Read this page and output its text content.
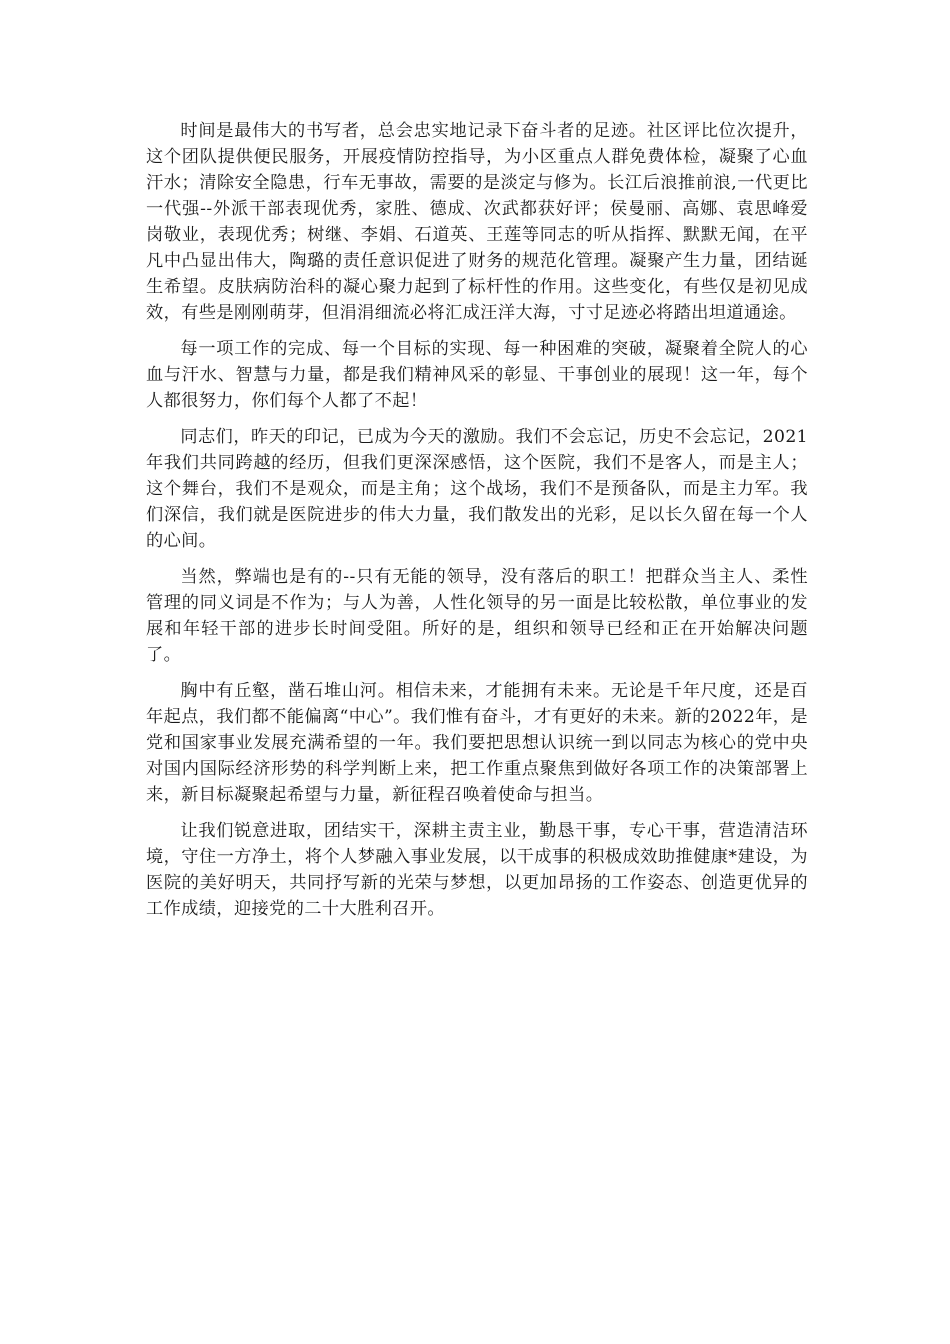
时间是最伟大的书写者，总会忠实地记录下奋斗者的足迹。社区评比位次提升，这个团队提供便民服务，开展疫情防控指导，为小区重点人群免费体检，凝聚了心血汗水；清除安全隐患，行车无事故，需要的是淡定与修为。长江后浪推前浪,一代更比一代强--外派干部表现优秀，家胜、德成、次武都获好评；侯曼丽、高娜、袁思峰爱岗敬业，表现优秀；树继、李娟、石道英、王莲等同志的听从指挥、默默无闻，在平凡中凸显出伟大，陶璐的责任意识促进了财务的规范化管理。凝聚产生力量，团结诞生希望。皮肤病防治科的凝心聚力起到了标杆性的作用。这些变化，有些仅是初见成效，有些是刚刚萌芽，但涓涓细流必将汇成汪洋大海，寸寸足迹必将踏出坦道通途。

每一项工作的完成、每一个目标的实现、每一种困难的突破，凝聚着全院人的心血与汗水、智慧与力量，都是我们精神风采的彰显、干事创业的展现！这一年，每个人都很努力，你们每个人都了不起！

同志们，昨天的印记，已成为今天的激励。我们不会忘记，历史不会忘记，2021年我们共同跨越的经历，但我们更深深感悟，这个医院，我们不是客人，而是主人；这个舞台，我们不是观众，而是主角；这个战场，我们不是预备队，而是主力军。我们深信，我们就是医院进步的伟大力量，我们散发出的光彩，足以长久留在每一个人的心间。

当然，弊端也是有的--只有无能的领导，没有落后的职工！把群众当主人、柔性管理的同义词是不作为；与人为善，人性化领导的另一面是比较松散，单位事业的发展和年轻干部的进步长时间受阻。所好的是，组织和领导已经和正在开始解决问题了。

胸中有丘壑，凿石堆山河。相信未来，才能拥有未来。无论是千年尺度，还是百年起点，我们都不能偏离“中心”。我们惟有奋斗，才有更好的未来。新的2022年，是党和国家事业发展充满希望的一年。我们要把思想认识统一到以同志为核心的党中央对国内国际经济形势的科学判断上来，把工作重点聚焦到做好各项工作的决策部署上来，新目标凝聚起希望与力量，新征程召唤着使命与担当。

让我们锐意进取，团结实干，深耕主责主业，勤恳干事，专心干事，营造清洁环境，守住一方净土，将个人梦融入事业发展，以干成事的积极成效助推健康*建设，为医院的美好明天，共同抒写新的光荣与梦想，以更加昂扬的工作姿态、创造更优异的工作成绩，迎接党的二十大胜利召开。
